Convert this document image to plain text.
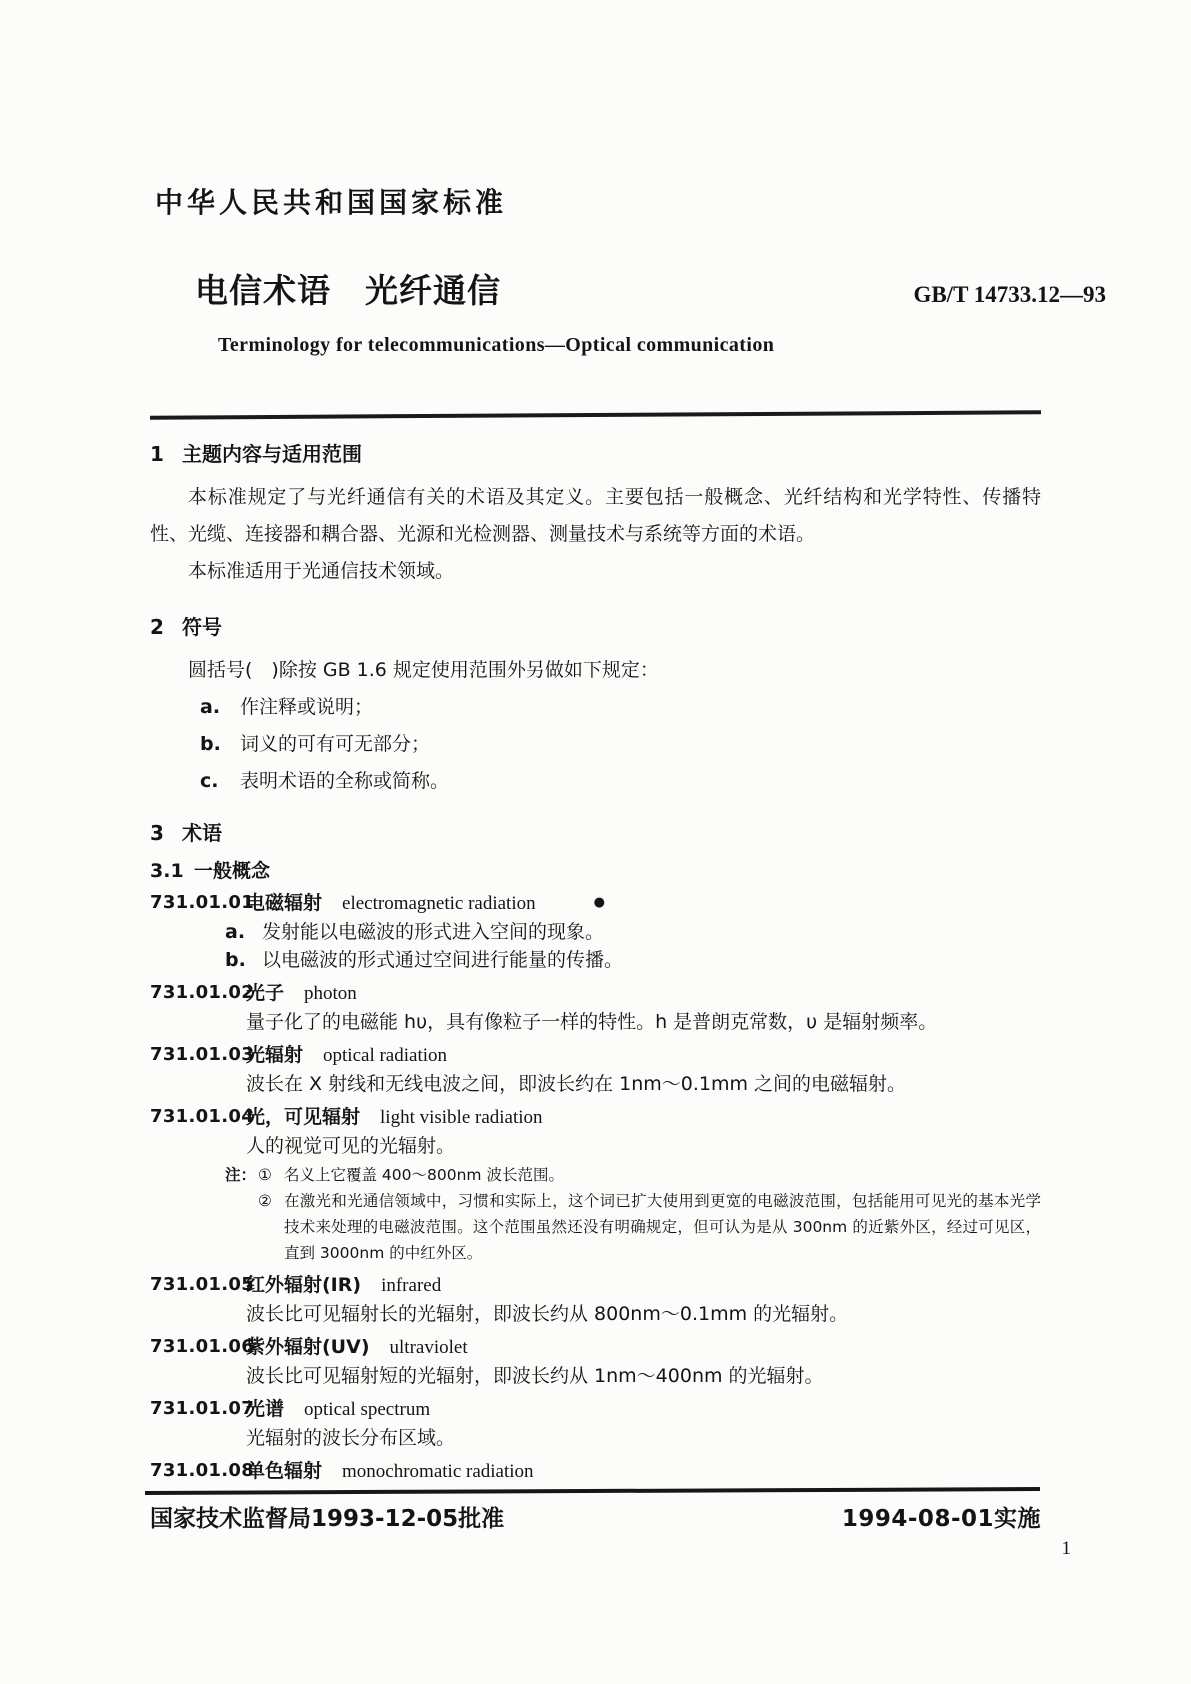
中华人民共和国国家标准
电信术语　光纤通信	GB/T 14733.12—93
Terminology for telecommunications—Optical communication
1 主题内容与适用范围

本标准规定了与光纤通信有关的术语及其定义。主要包括一般概念、光纤结构和光学特性、传播特性、光缆、连接器和耦合器、光源和光检测器、测量技术与系统等方面的术语。

本标准适用于光通信技术领域。

2 符号

圆括号(　)除按 GB 1.6 规定使用范围外另做如下规定：

a.	作注释或说明；
b.	词义的可有可无部分；
c.	表明术语的全称或简称。
3 术语
3.1 一般概念
731.01.01
电磁辐射 electromagnetic radiation	●
a. 发射能以电磁波的形式进入空间的现象。
b. 以电磁波的形式通过空间进行能量的传播。
731.01.02
光子 photon
量子化了的电磁能 hυ，具有像粒子一样的特性。h 是普朗克常数，υ 是辐射频率。
731.01.03
光辐射 optical radiation
波长在 X 射线和无线电波之间，即波长约在 1nm～0.1mm 之间的电磁辐射。
731.01.04
光，可见辐射 light visible radiation
人的视觉可见的光辐射。
注： ① 名义上它覆盖 400～800nm 波长范围。
② 在激光和光通信领域中，习惯和实际上，这个词已扩大使用到更宽的电磁波范围，包括能用可见光的基本光学技术来处理的电磁波范围。这个范围虽然还没有明确规定，但可认为是从 300nm 的近紫外区，经过可见区，直到 3000nm 的中红外区。
731.01.05
红外辐射(IR) infrared
波长比可见辐射长的光辐射，即波长约从 800nm～0.1mm 的光辐射。
731.01.06
紫外辐射(UV) ultraviolet
波长比可见辐射短的光辐射，即波长约从 1nm～400nm 的光辐射。
731.01.07
光谱 optical spectrum
光辐射的波长分布区域。
731.01.08
单色辐射 monochromatic radiation
国家技术监督局1993-12-05批准	1994-08-01实施
1
